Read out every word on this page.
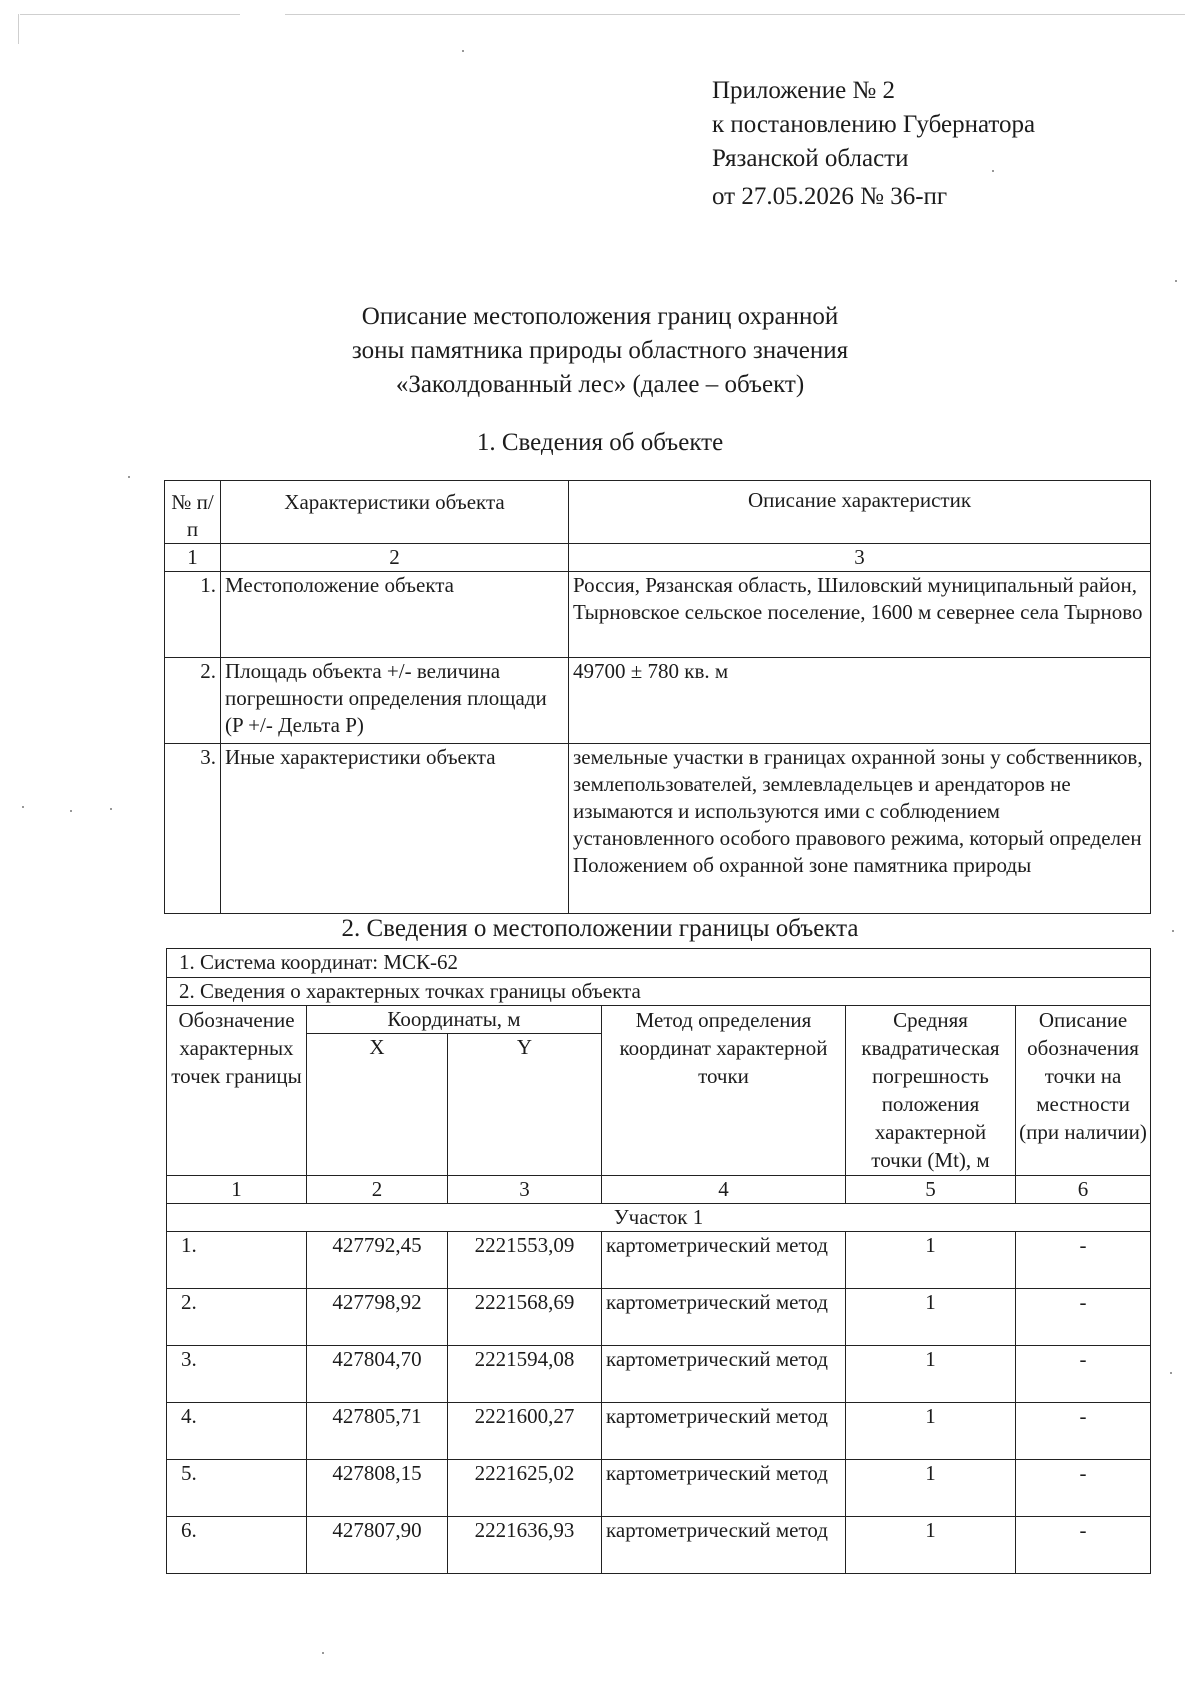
Приложение № 2
к постановлению Губернатора
Рязанской области
от 27.05.2026 № 36-пг
Описание местоположения границ охранной
зоны памятника природы областного значения
«Заколдованный лес» (далее – объект)
1. Сведения об объекте
№ п/п	Характеристики объекта	Описание характеристик
1	2	3
1.	Местоположение объекта	Россия, Рязанская область, Шиловский муниципальный район, Тырновское сельское поселение, 1600 м севернее села Тырново
2.	Площадь объекта +/- величина погрешности определения площади (P +/- Дельта P)	49700 ± 780 кв. м
3.	Иные характеристики объекта	земельные участки в границах охранной зоны у собственников, землепользователей, землевладельцев и арендаторов не изымаются и используются ими с соблюдением установленного особого правового режима, который определен Положением об охранной зоне памятника природы
2. Сведения о местоположении границы объекта
1. Система координат: МСК-62					
2. Сведения о характерных точках границы объекта					
Обозначение характерных точек границы	Координаты, м		Метод определения координат характерной точки	Средняя квадратическая погрешность положения характерной точки (Mt), м	Описание обозначения точки на местности (при наличии)
	X	Y			
1	2	3	4	5	6
Участок 1					
1.	427792,45	2221553,09	картометрический метод	1	-
2.	427798,92	2221568,69	картометрический метод	1	-
3.	427804,70	2221594,08	картометрический метод	1	-
4.	427805,71	2221600,27	картометрический метод	1	-
5.	427808,15	2221625,02	картометрический метод	1	-
6.	427807,90	2221636,93	картометрический метод	1	-
